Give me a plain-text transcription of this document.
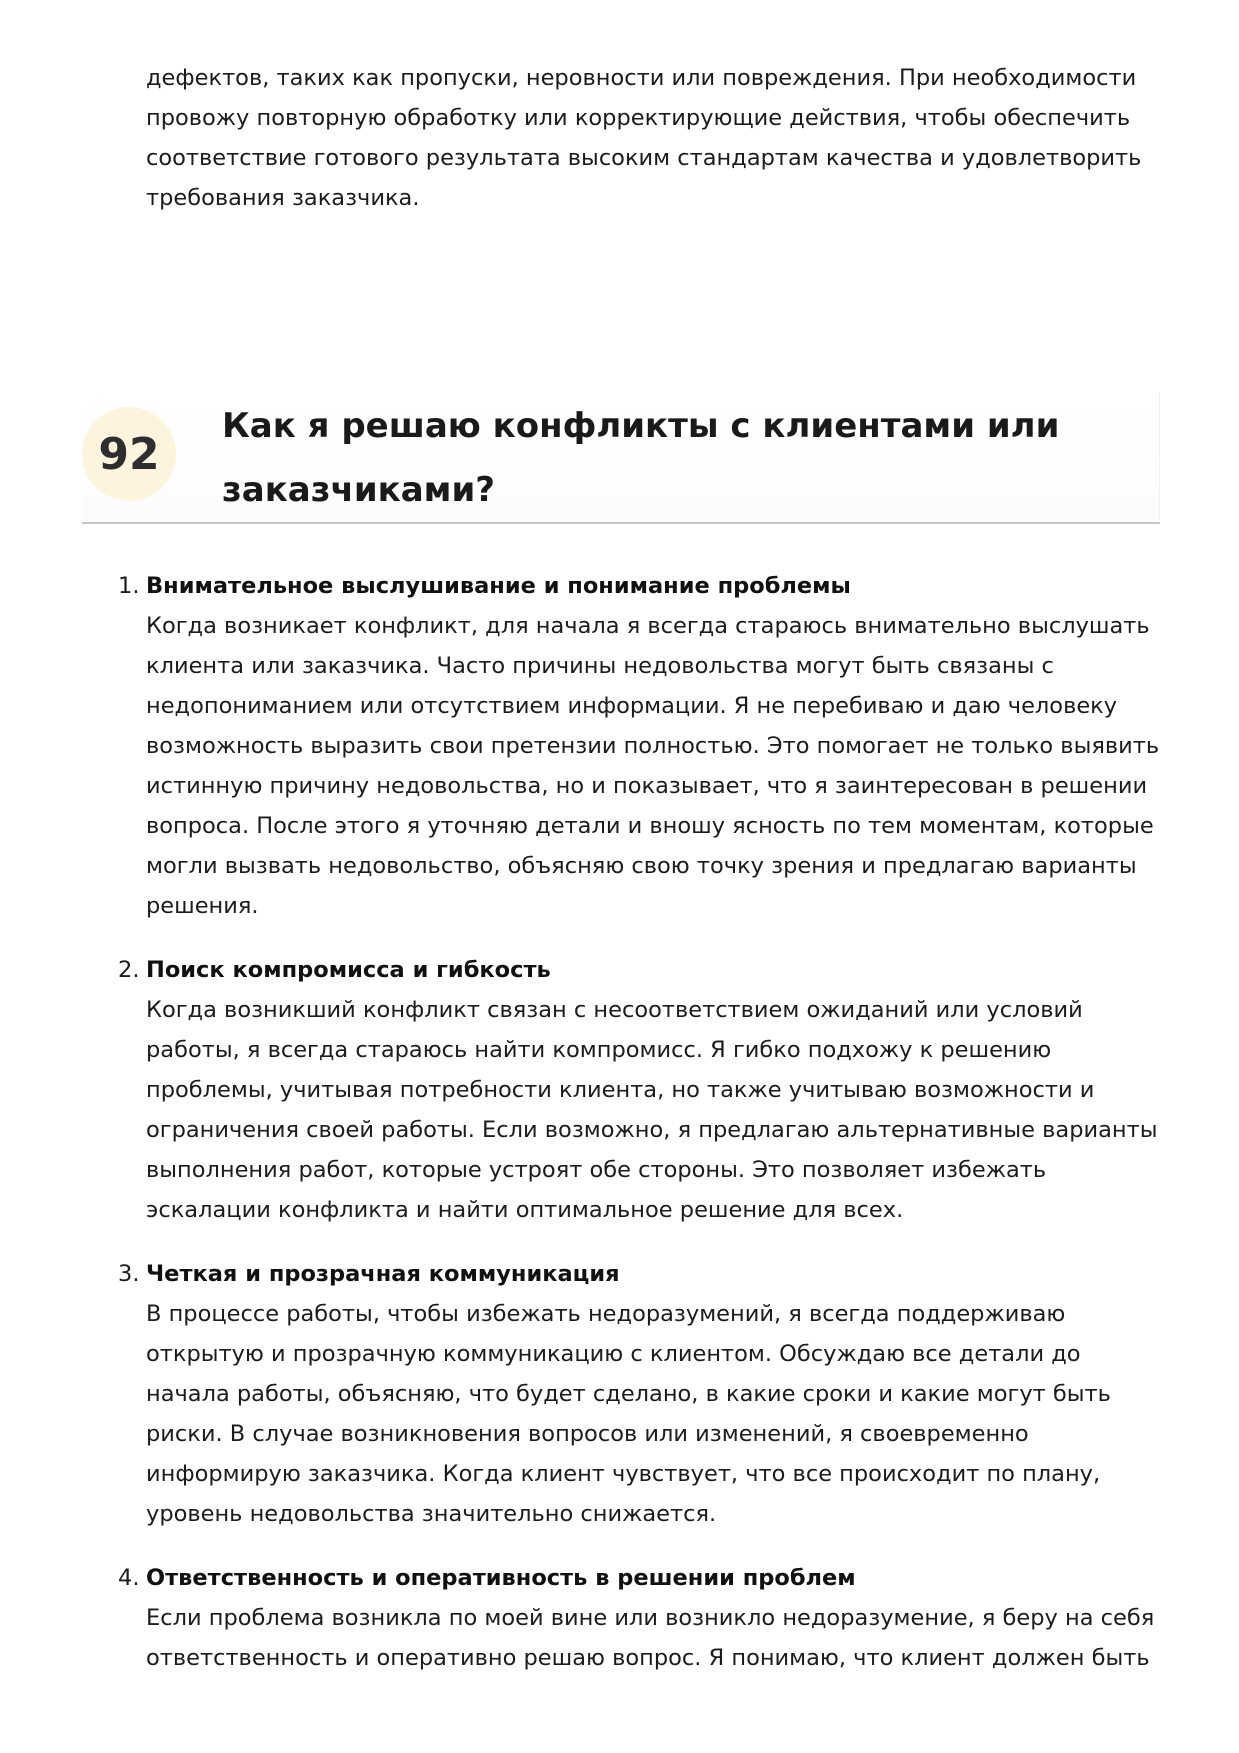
дефектов, таких как пропуски, неровности или повреждения. При необходимости провожу повторную обработку или корректирующие действия, чтобы обеспечить соответствие готового результата высоким стандартам качества и удовлетворить требования заказчика.

92
Как я решаю конфликты с клиентами или заказчиками?
1. Внимательное выслушивание и понимание проблемы
Когда возникает конфликт, для начала я всегда стараюсь внимательно выслушать клиента или заказчика. Часто причины недовольства могут быть связаны с недопониманием или отсутствием информации. Я не перебиваю и даю человеку возможность выразить свои претензии полностью. Это помогает не только выявить истинную причину недовольства, но и показывает, что я заинтересован в решении вопроса. После этого я уточняю детали и вношу ясность по тем моментам, которые могли вызвать недовольство, объясняю свою точку зрения и предлагаю варианты решения.
2. Поиск компромисса и гибкость
Когда возникший конфликт связан с несоответствием ожиданий или условий работы, я всегда стараюсь найти компромисс. Я гибко подхожу к решению проблемы, учитывая потребности клиента, но также учитываю возможности и ограничения своей работы. Если возможно, я предлагаю альтернативные варианты выполнения работ, которые устроят обе стороны. Это позволяет избежать эскалации конфликта и найти оптимальное решение для всех.
3. Четкая и прозрачная коммуникация
В процессе работы, чтобы избежать недоразумений, я всегда поддерживаю открытую и прозрачную коммуникацию с клиентом. Обсуждаю все детали до начала работы, объясняю, что будет сделано, в какие сроки и какие могут быть риски. В случае возникновения вопросов или изменений, я своевременно информирую заказчика. Когда клиент чувствует, что все происходит по плану, уровень недовольства значительно снижается.
4. Ответственность и оперативность в решении проблем
Если проблема возникла по моей вине или возникло недоразумение, я беру на себя ответственность и оперативно решаю вопрос. Я понимаю, что клиент должен быть
